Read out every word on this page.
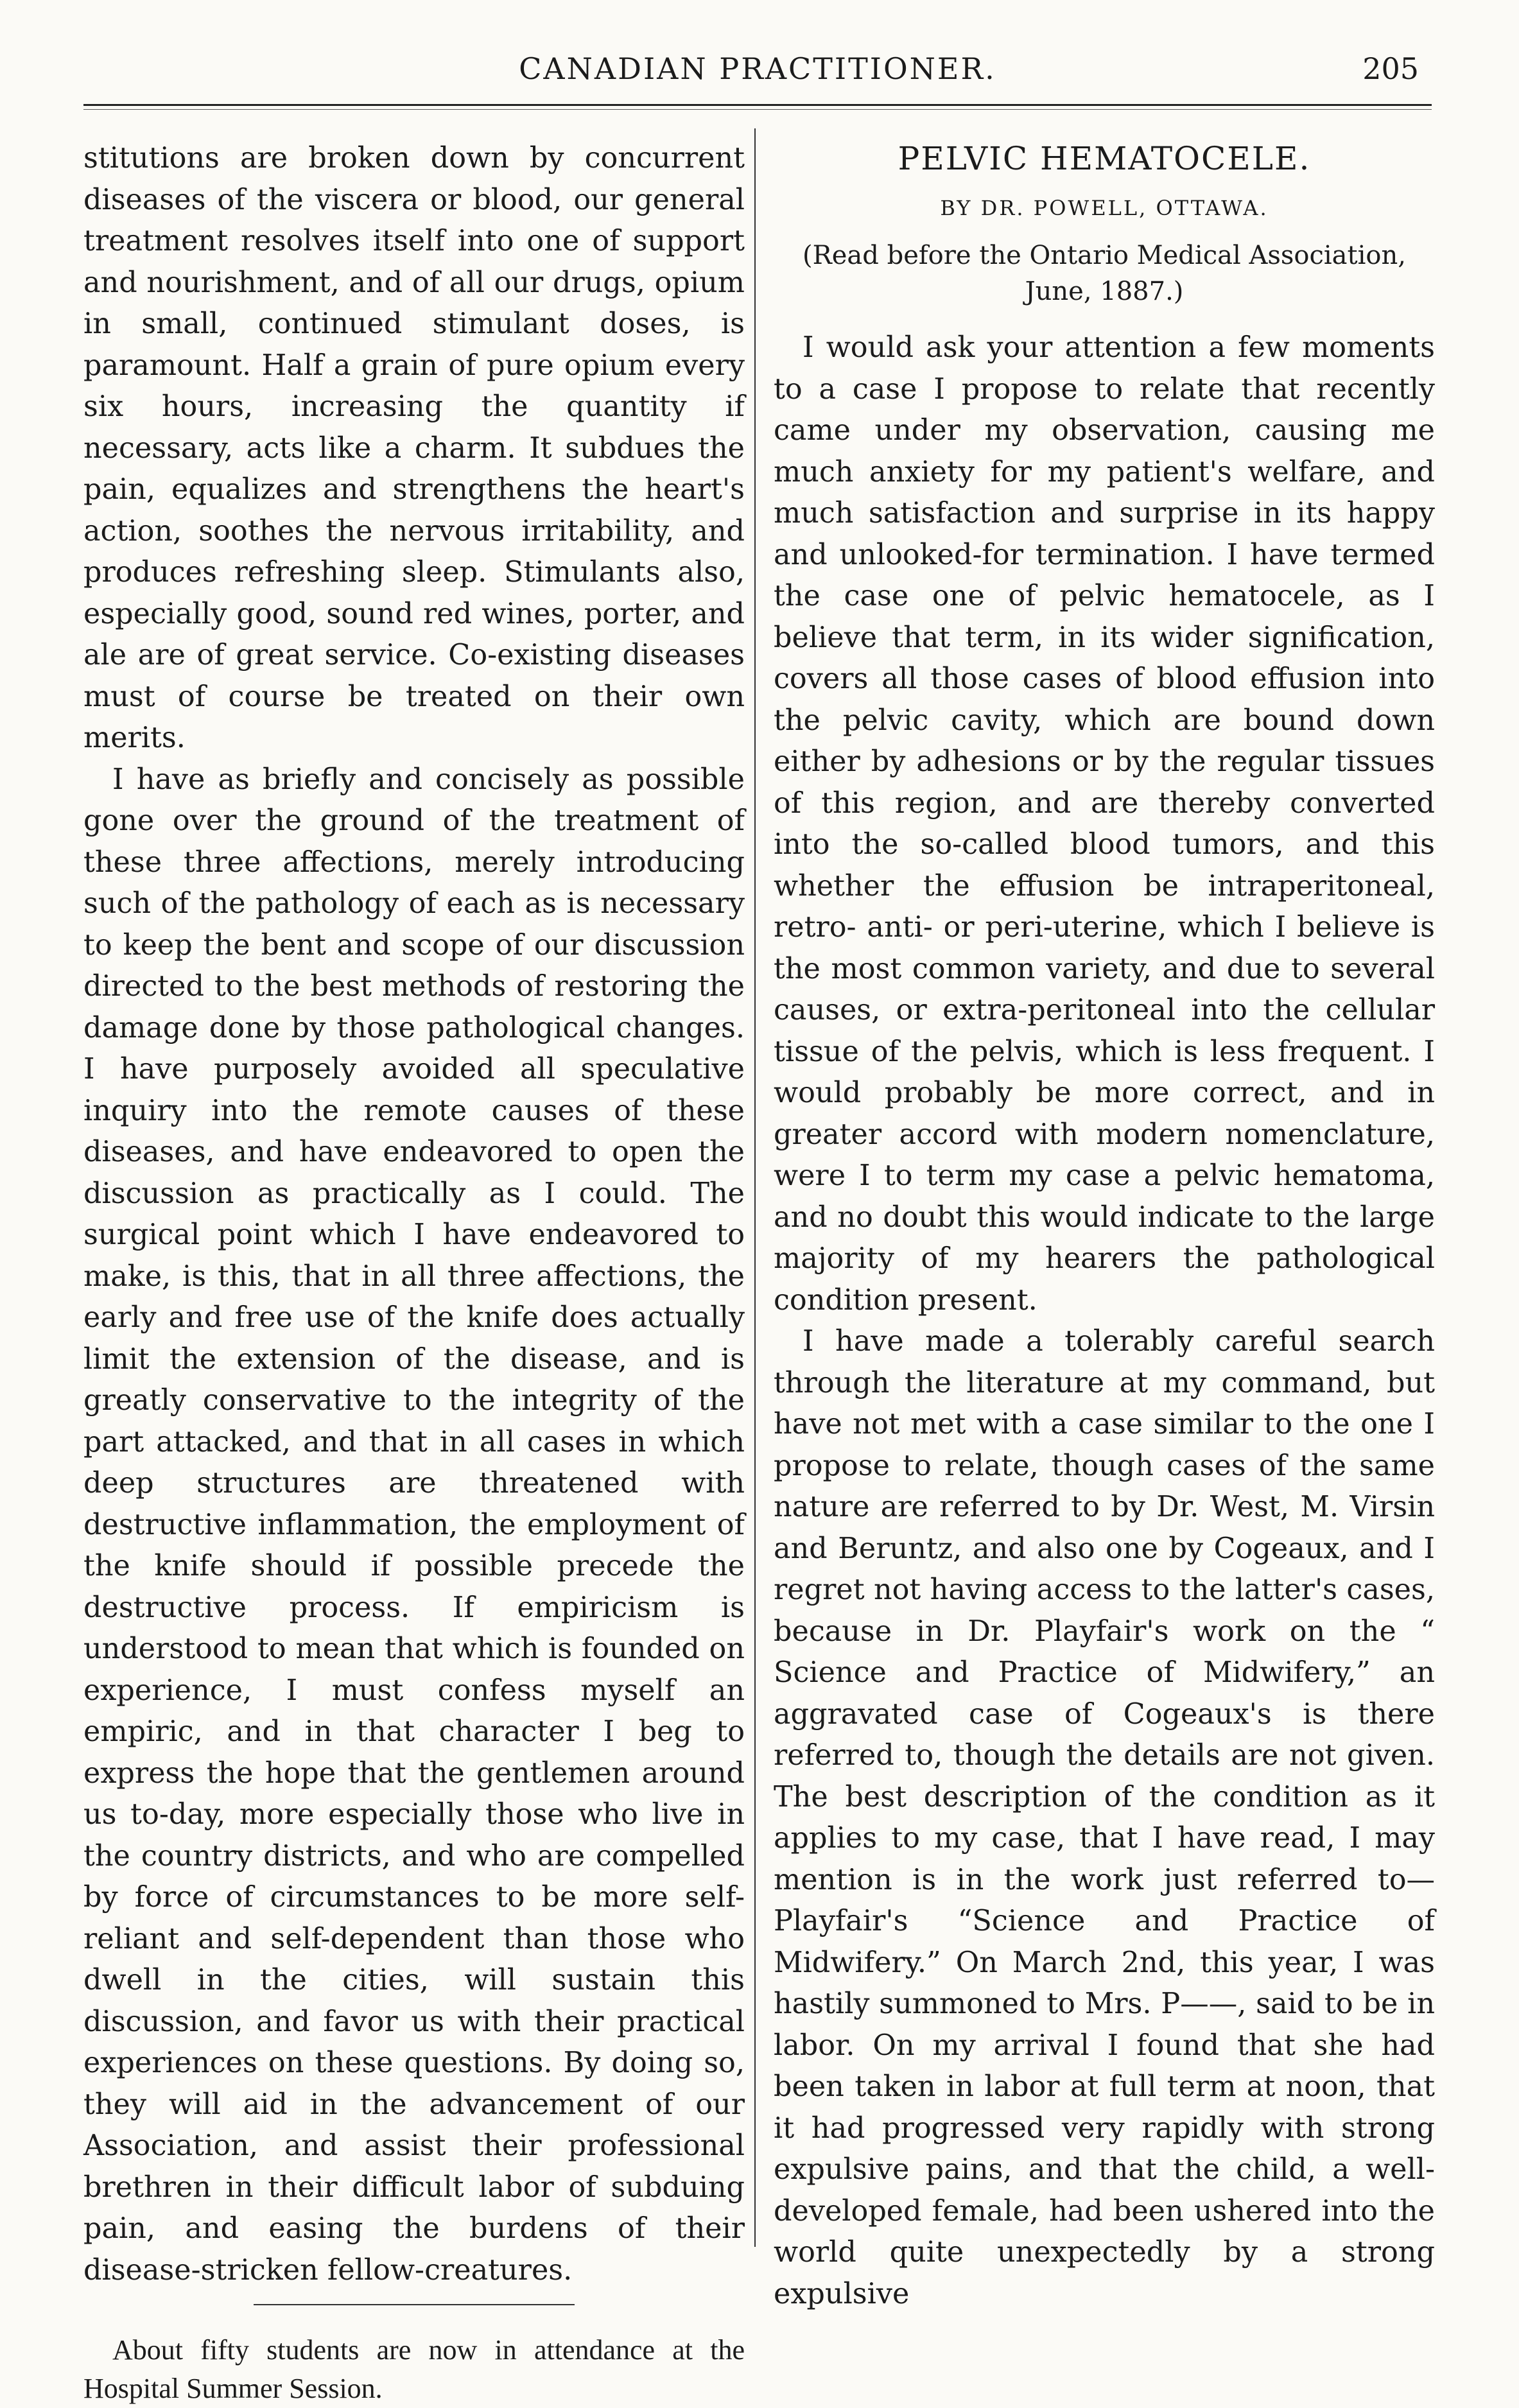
CANADIAN PRACTITIONER.	205

stitutions are broken down by concurrent diseases of the viscera or blood, our general treatment resolves itself into one of support and nourishment, and of all our drugs, opium in small, continued stimulant doses, is paramount. Half a grain of pure opium every six hours, increasing the quantity if necessary, acts like a charm. It subdues the pain, equalizes and strengthens the heart's action, soothes the nervous irritability, and produces refreshing sleep. Stimulants also, especially good, sound red wines, porter, and ale are of great service. Co-existing diseases must of course be treated on their own merits.

I have as briefly and concisely as possible gone over the ground of the treatment of these three affections, merely introducing such of the pathology of each as is necessary to keep the bent and scope of our discussion directed to the best methods of restoring the damage done by those pathological changes. I have purposely avoided all speculative inquiry into the remote causes of these diseases, and have endeavored to open the discussion as practically as I could. The surgical point which I have endeavored to make, is this, that in all three affections, the early and free use of the knife does actually limit the extension of the disease, and is greatly conservative to the integrity of the part attacked, and that in all cases in which deep structures are threatened with destructive inflammation, the employment of the knife should if possible precede the destructive process. If empiricism is understood to mean that which is founded on experience, I must confess myself an empiric, and in that character I beg to express the hope that the gentlemen around us to-day, more especially those who live in the country districts, and who are compelled by force of circumstances to be more self-reliant and self-dependent than those who dwell in the cities, will sustain this discussion, and favor us with their practical experiences on these questions. By doing so, they will aid in the advancement of our Association, and assist their professional brethren in their difficult labor of subduing pain, and easing the burdens of their disease-stricken fellow-creatures.

About fifty students are now in attendance at the Hospital Summer Session.

PELVIC HEMATOCELE.
BY DR. POWELL, OTTAWA.
(Read before the Ontario Medical Association, June, 1887.)

I would ask your attention a few moments to a case I propose to relate that recently came under my observation, causing me much anxiety for my patient's welfare, and much satisfaction and surprise in its happy and unlooked-for termination. I have termed the case one of pelvic hematocele, as I believe that term, in its wider signification, covers all those cases of blood effusion into the pelvic cavity, which are bound down either by adhesions or by the regular tissues of this region, and are thereby converted into the so-called blood tumors, and this whether the effusion be intraperitoneal, retro- anti- or peri-uterine, which I believe is the most common variety, and due to several causes, or extra-peritoneal into the cellular tissue of the pelvis, which is less frequent. I would probably be more correct, and in greater accord with modern nomenclature, were I to term my case a pelvic hematoma, and no doubt this would indicate to the large majority of my hearers the pathological condition present.

I have made a tolerably careful search through the literature at my command, but have not met with a case similar to the one I propose to relate, though cases of the same nature are referred to by Dr. West, M. Virsin and Beruntz, and also one by Cogeaux, and I regret not having access to the latter's cases, because in Dr. Playfair's work on the “ Science and Practice of Midwifery,” an aggravated case of Cogeaux's is there referred to, though the details are not given. The best description of the condition as it applies to my case, that I have read, I may mention is in the work just referred to—Playfair's “Science and Practice of Midwifery.” On March 2nd, this year, I was hastily summoned to Mrs. P——, said to be in labor. On my arrival I found that she had been taken in labor at full term at noon, that it had progressed very rapidly with strong expulsive pains, and that the child, a well-developed female, had been ushered into the world quite unexpectedly by a strong expulsive
